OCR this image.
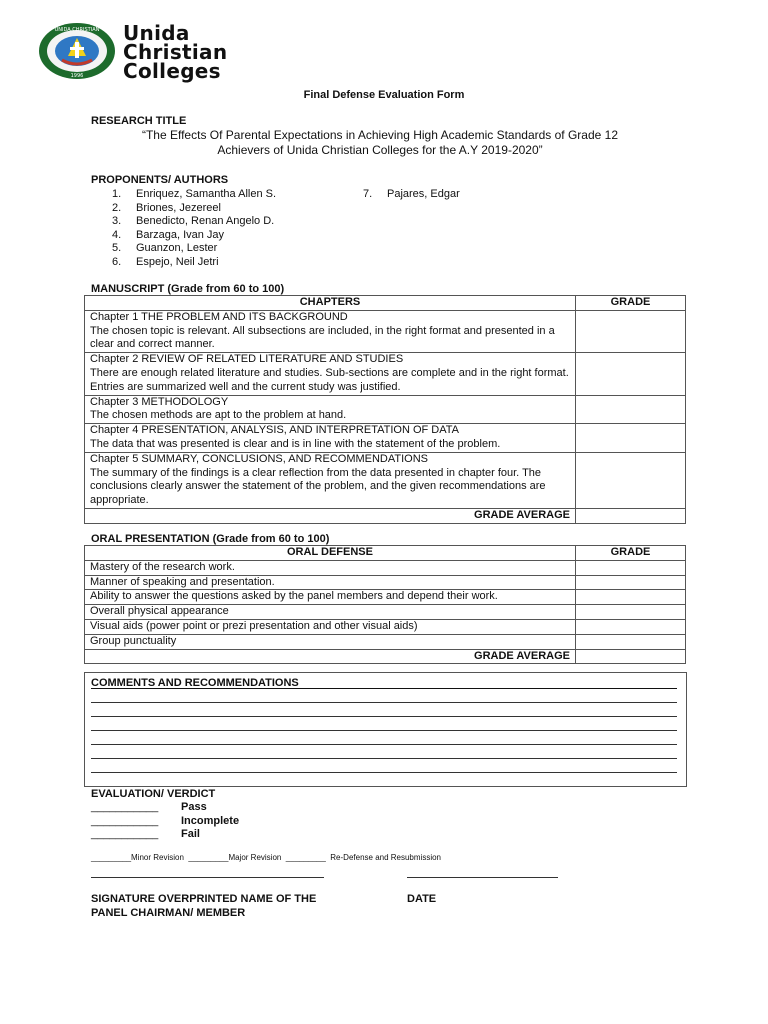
UNIDA CHRISTIAN
1996
Unida
Christian
Colleges
Final Defense Evaluation Form
RESEARCH TITLE
“The Effects Of Parental Expectations in Achieving High Academic Standards of Grade 12
Achievers of Unida Christian Colleges for the A.Y 2019-2020”
PROPONENTS/ AUTHORS
1. Enriquez, Samantha Allen S.
2. Briones, Jezereel
3. Benedicto, Renan Angelo D.
4. Barzaga, Ivan Jay
5. Guanzon, Lester
6. Espejo, Neil Jetri
7. Pajares, Edgar
MANUSCRIPT (Grade from 60 to 100)
CHAPTERS	GRADE

Chapter 1 THE PROBLEM AND ITS BACKGROUND
The chosen topic is relevant. All subsections are included, in the right format and presented in a clear and correct manner.	

Chapter 2 REVIEW OF RELATED LITERATURE AND STUDIES
There are enough related literature and studies. Sub-sections are complete and in the right format. Entries are summarized well and the current study was justified.	

Chapter 3 METHODOLOGY
The chosen methods are apt to the problem at hand.	

Chapter 4 PRESENTATION, ANALYSIS, AND INTERPRETATION OF DATA
The data that was presented is clear and is in line with the statement of the problem.	

Chapter 5 SUMMARY, CONCLUSIONS, AND RECOMMENDATIONS
The summary of the findings is a clear reflection from the data presented in chapter four. The conclusions clearly answer the statement of the problem, and the given recommendations are appropriate.	

GRADE AVERAGE	
ORAL PRESENTATION (Grade from 60 to 100)
ORAL DEFENSE	GRADE
Mastery of the research work.	
Manner of speaking and presentation.	
Ability to answer the questions asked by the panel members and depend their work.	
Overall physical appearance	
Visual aids (power point or prezi presentation and other visual aids)	
Group punctuality	
GRADE AVERAGE	
COMMENTS AND RECOMMENDATIONS
EVALUATION/ VERDICT
___________ Pass
___________ Incomplete
___________ Fail
_________Minor Revision  _________Major Revision  _________  Re-Defense and Resubmission
SIGNATURE OVERPRINTED NAME OF THE
PANEL CHAIRMAN/ MEMBER
DATE
